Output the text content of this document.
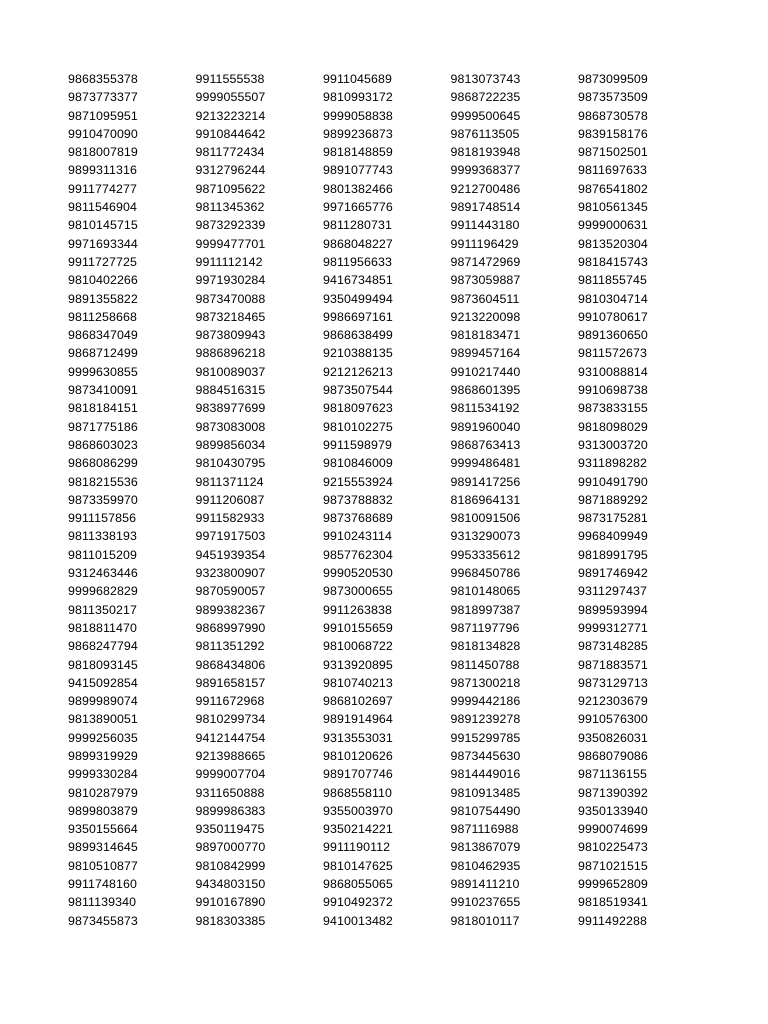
9868355378
9873773377
9871095951
9910470090
9818007819
9899311316
9911774277
9811546904
9810145715
9971693344
9911727725
9810402266
9891355822
9811258668
9868347049
9868712499
9999630855
9873410091
9818184151
9871775186
9868603023
9868086299
9818215536
9873359970
9911157856
9811338193
9811015209
9312463446
9999682829
9811350217
9818811470
9868247794
9818093145
9415092854
9899989074
9813890051
9999256035
9899319929
9999330284
9810287979
9899803879
9350155664
9899314645
9810510877
9911748160
9811139340
9873455873
9911555538
9999055507
9213223214
9910844642
9811772434
9312796244
9871095622
9811345362
9873292339
9999477701
9911112142
9971930284
9873470088
9873218465
9873809943
9886896218
9810089037
9884516315
9838977699
9873083008
9899856034
9810430795
9811371124
9911206087
9911582933
9971917503
9451939354
9323800907
9870590057
9899382367
9868997990
9811351292
9868434806
9891658157
9911672968
9810299734
9412144754
9213988665
9999007704
9311650888
9899986383
9350119475
9897000770
9810842999
9434803150
9910167890
9818303385
9911045689
9810993172
9999058838
9899236873
9818148859
9891077743
9801382466
9971665776
9811280731
9868048227
9811956633
9416734851
9350499494
9986697161
9868638499
9210388135
9212126213
9873507544
9818097623
9810102275
9911598979
9810846009
9215553924
9873788832
9873768689
9910243114
9857762304
9990520530
9873000655
9911263838
9910155659
9810068722
9313920895
9810740213
9868102697
9891914964
9313553031
9810120626
9891707746
9868558110
9355003970
9350214221
9911190112
9810147625
9868055065
9910492372
9410013482
9813073743
9868722235
9999500645
9876113505
9818193948
9999368377
9212700486
9891748514
9911443180
9911196429
9871472969
9873059887
9873604511
9213220098
9818183471
9899457164
9910217440
9868601395
9811534192
9891960040
9868763413
9999486481
9891417256
8186964131
9810091506
9313290073
9953335612
9968450786
9810148065
9818997387
9871197796
9818134828
9811450788
9871300218
9999442186
9891239278
9915299785
9873445630
9814449016
9810913485
9810754490
9871116988
9813867079
9810462935
9891411210
9910237655
9818010117
9873099509
9873573509
9868730578
9839158176
9871502501
9811697633
9876541802
9810561345
9999000631
9813520304
9818415743
9811855745
9810304714
9910780617
9891360650
9811572673
9310088814
9910698738
9873833155
9818098029
9313003720
9311898282
9910491790
9871889292
9873175281
9968409949
9818991795
9891746942
9311297437
9899593994
9999312771
9873148285
9871883571
9873129713
9212303679
9910576300
9350826031
9868079086
9871136155
9871390392
9350133940
9990074699
9810225473
9871021515
9999652809
9818519341
9911492288
